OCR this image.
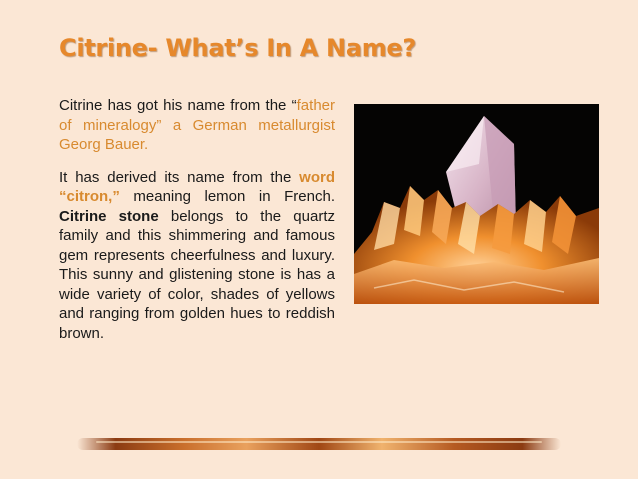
Citrine- What’s In A Name?

Citrine has got his name from the “father of mineralogy” a German metallurgist Georg Bauer.

It has derived its name from the word “citron,” meaning lemon in French. Citrine stone belongs to the quartz family and this shimmering and famous gem represents cheerfulness and luxury. This sunny and glistening stone is has a wide variety of color, shades of yellows and ranging from golden hues to reddish brown.
